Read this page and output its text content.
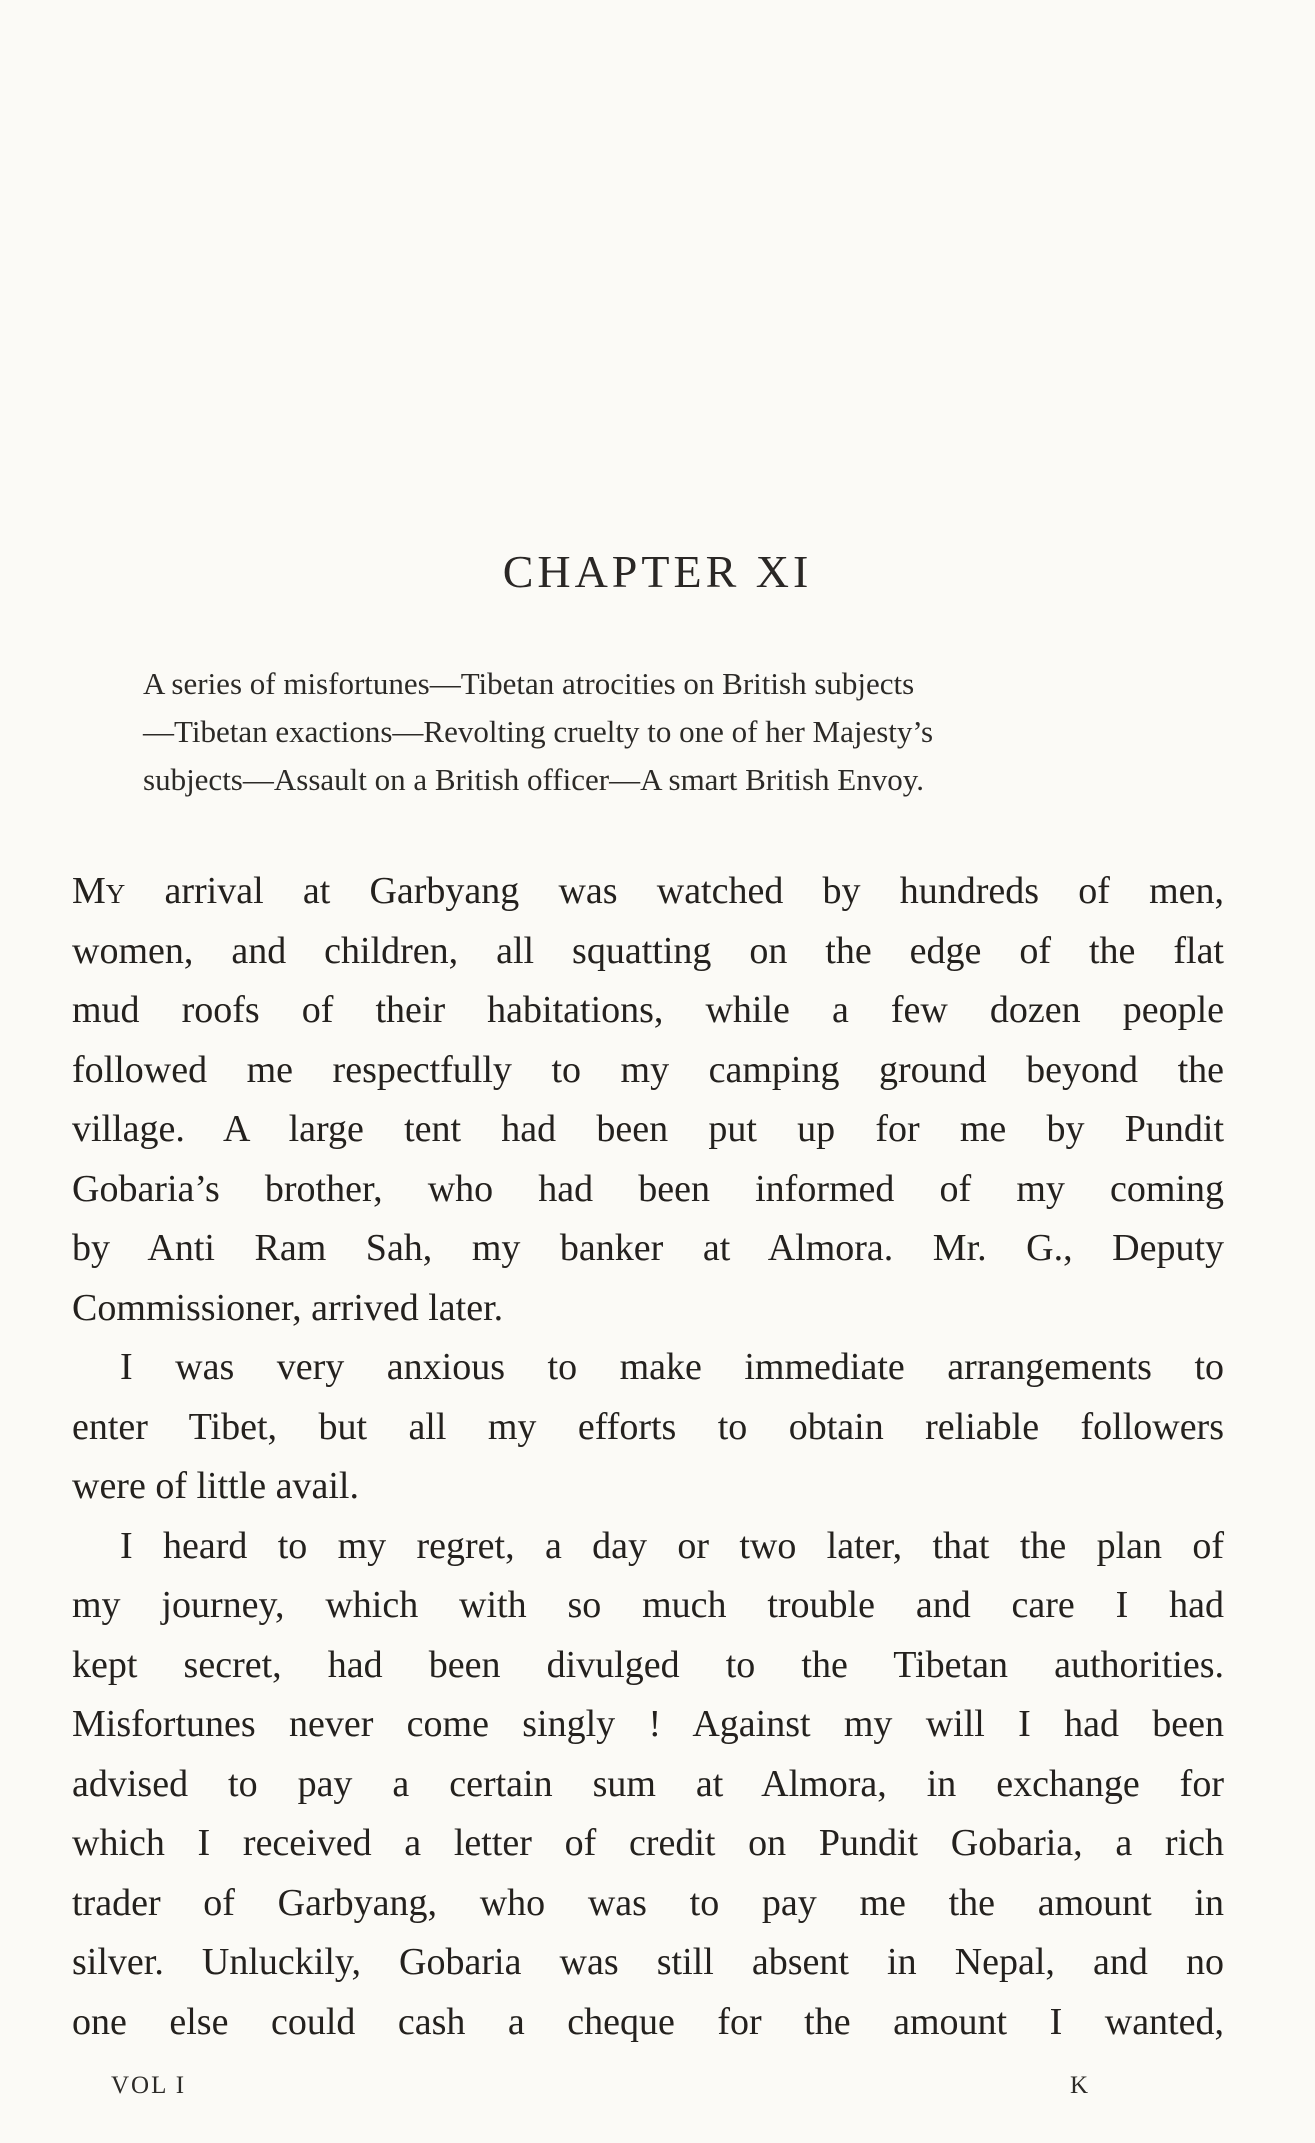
CHAPTER XI
A series of misfortunes—Tibetan atrocities on British subjects
—Tibetan exactions—Revolting cruelty to one of her Majesty’s
subjects—Assault on a British officer—A smart British Envoy.
My arrival at Garbyang was watched by hundreds of men,
women, and children, all squatting on the edge of the flat
mud roofs of their habitations, while a few dozen people
followed me respectfully to my camping ground beyond the
village. A large tent had been put up for me by Pundit
Gobaria’s brother, who had been informed of my coming
by Anti Ram Sah, my banker at Almora. Mr. G., Deputy
Commissioner, arrived later.
I was very anxious to make immediate arrangements to
enter Tibet, but all my efforts to obtain reliable followers
were of little avail.
I heard to my regret, a day or two later, that the plan of
my journey, which with so much trouble and care I had
kept secret, had been divulged to the Tibetan authorities.
Misfortunes never come singly ! Against my will I had been
advised to pay a certain sum at Almora, in exchange for
which I received a letter of credit on Pundit Gobaria, a rich
trader of Garbyang, who was to pay me the amount in
silver. Unluckily, Gobaria was still absent in Nepal, and no
one else could cash a cheque for the amount I wanted,
VOL I	K
